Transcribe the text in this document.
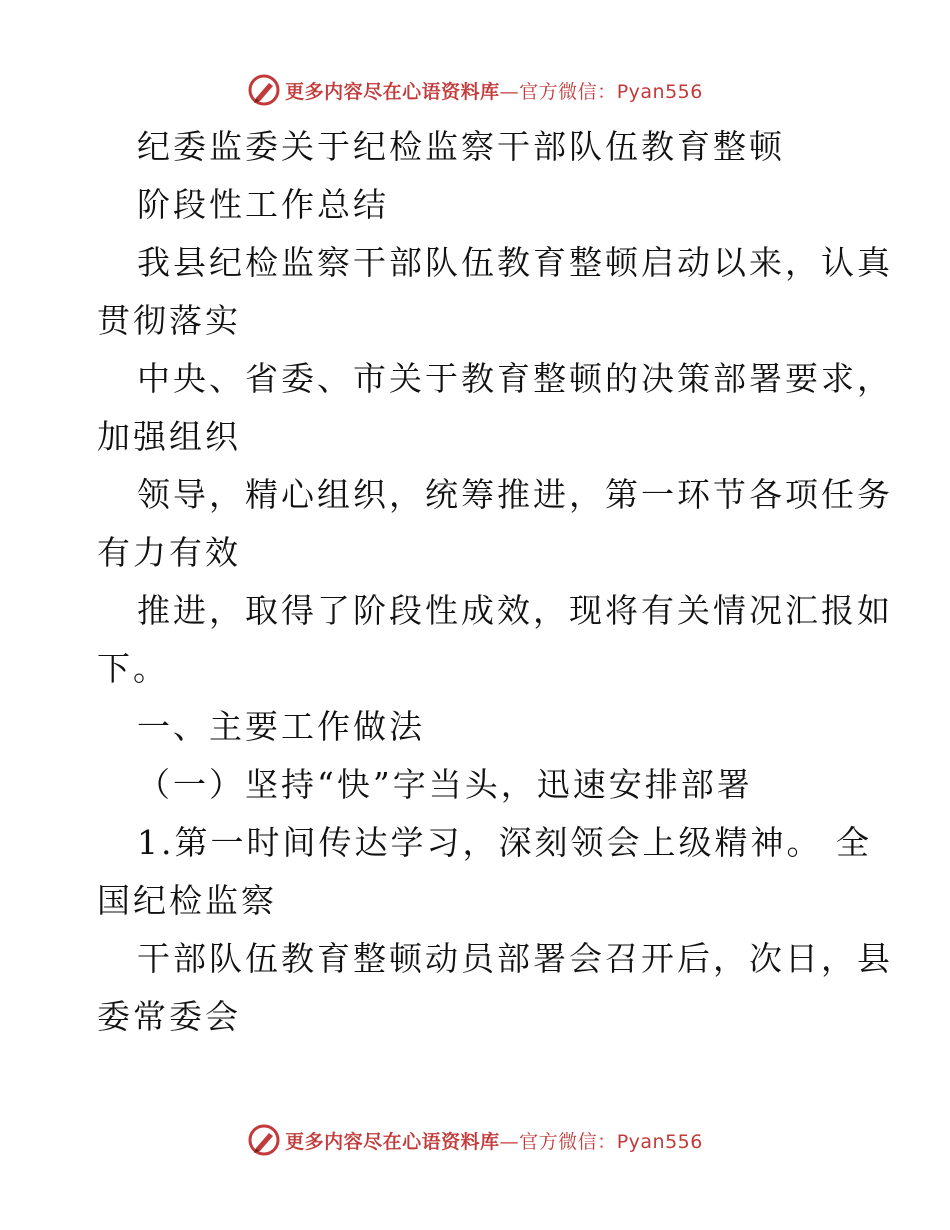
更多内容尽在心语资料库—官方微信：Pyan556
纪委监委关于纪检监察干部队伍教育整顿
阶段性工作总结
我县纪检监察干部队伍教育整顿启动以来，认真
贯彻落实
中央、省委、市关于教育整顿的决策部署要求，
加强组织
领导，精心组织，统筹推进，第一环节各项任务
有力有效
推进，取得了阶段性成效，现将有关情况汇报如
下。
一、主要工作做法
（一）坚持“快”字当头，迅速安排部署
1.第一时间传达学习，深刻领会上级精神。 全
国纪检监察
干部队伍教育整顿动员部署会召开后，次日，县
委常委会
更多内容尽在心语资料库—官方微信：Pyan556
